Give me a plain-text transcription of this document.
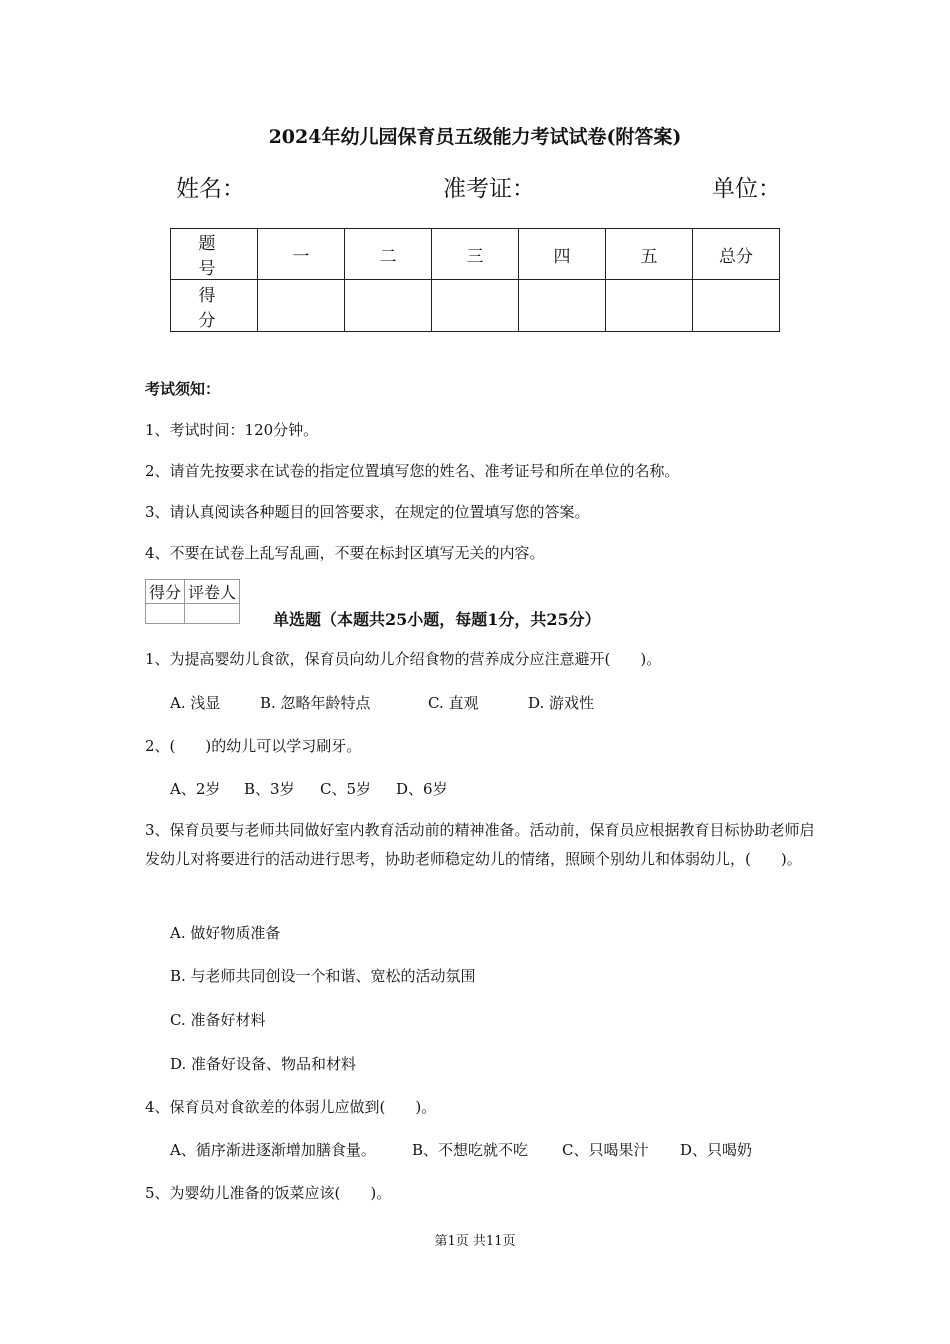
2024年幼儿园保育员五级能力考试试卷(附答案)
姓名：	准考证：	单位：
题　号	一	二	三	四	五	总分
得　分						
考试须知：
1、考试时间：120分钟。
2、请首先按要求在试卷的指定位置填写您的姓名、准考证号和所在单位的名称。
3、请认真阅读各种题目的回答要求，在规定的位置填写您的答案。
4、不要在试卷上乱写乱画，不要在标封区填写无关的内容。
得分	评卷人

单选题（本题共25小题，每题1分，共25分）
1、为提高婴幼儿食欲，保育员向幼儿介绍食物的营养成分应注意避开(　　)。
A. 浅显	B. 忽略年龄特点	C. 直观	D. 游戏性
2、(　　)的幼儿可以学习刷牙。
A、2岁 B、3岁 C、5岁 D、6岁
3、保育员要与老师共同做好室内教育活动前的精神准备。活动前，保育员应根据教育目标协助老师启发幼儿对将要进行的活动进行思考，协助老师稳定幼儿的情绪，照顾个别幼儿和体弱幼儿，(　　)。
A. 做好物质准备
B. 与老师共同创设一个和谐、宽松的活动氛围
C. 准备好材料
D. 准备好设备、物品和材料
4、保育员对食欲差的体弱儿应做到(　　)。
A、循序渐进逐渐增加膳食量。 B、不想吃就不吃 C、只喝果汁 D、只喝奶
5、为婴幼儿准备的饭菜应该(　　)。
第1页 共11页
